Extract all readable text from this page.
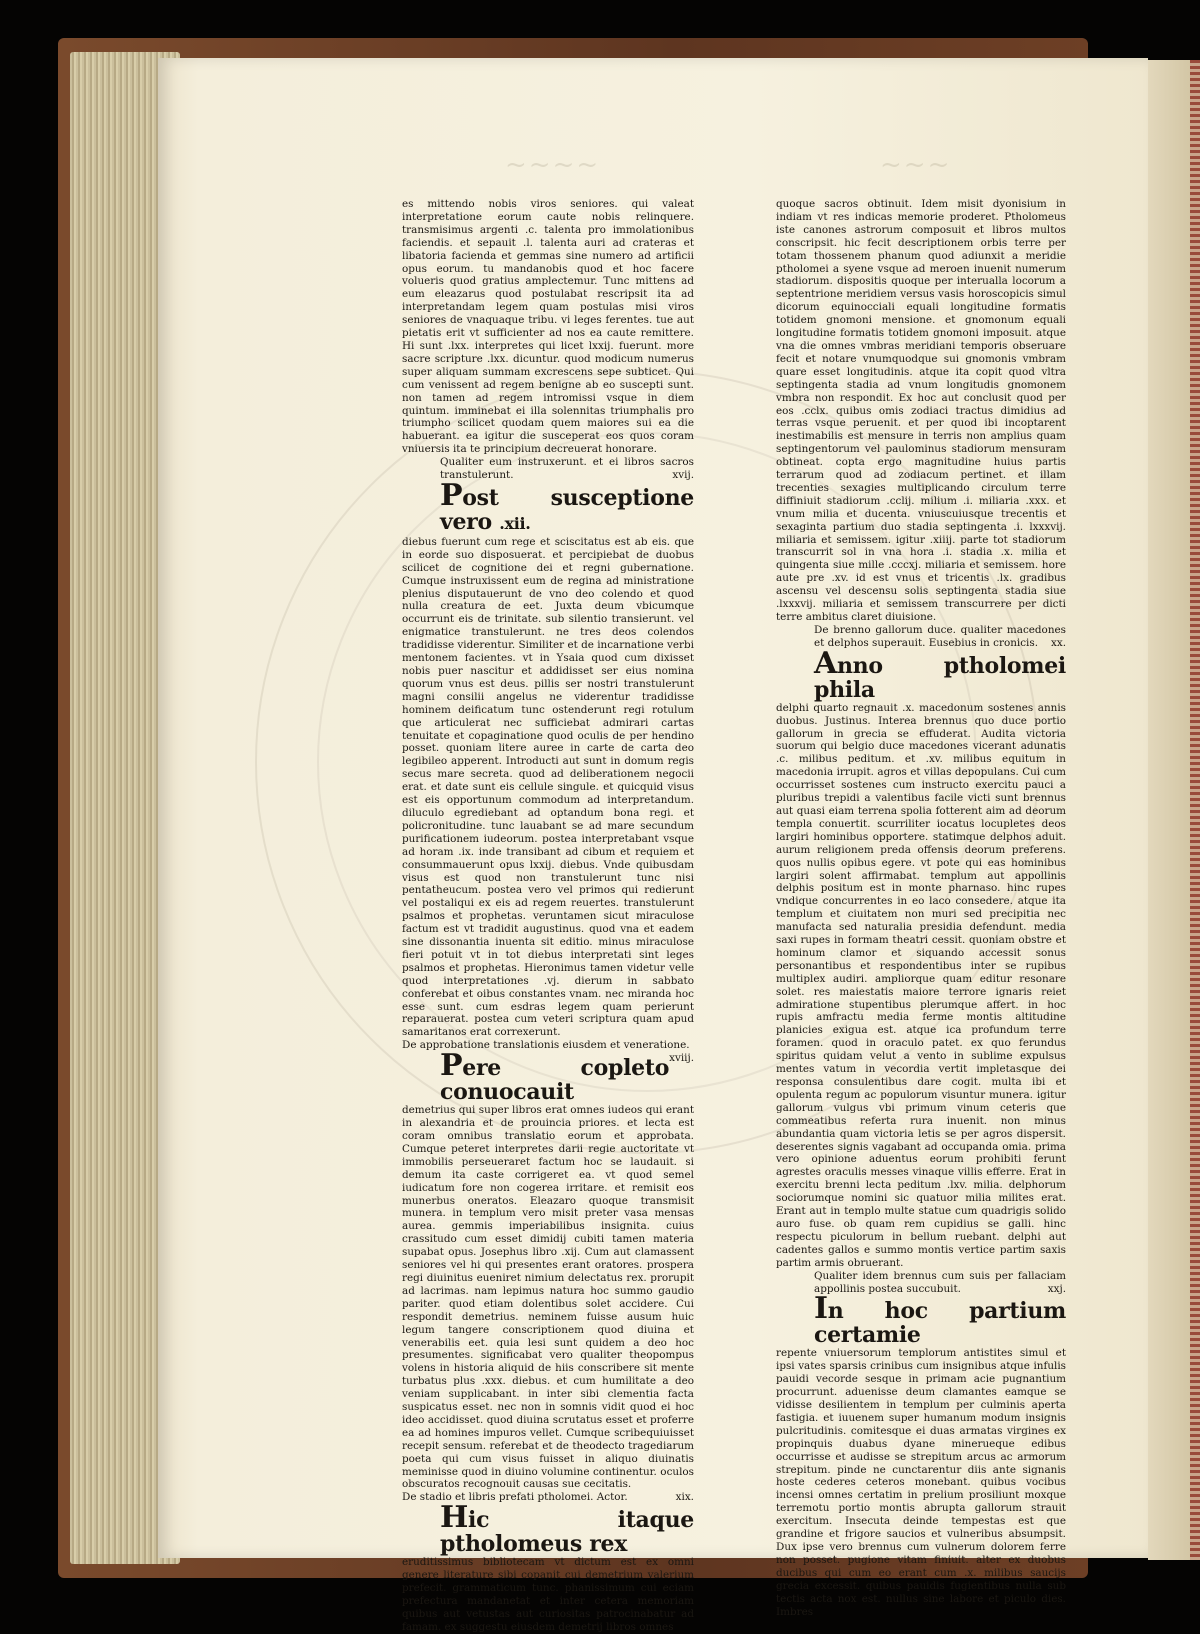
~~~~	~~~

es mittendo nobis viros seniores. qui valeat interpretatione eorum caute nobis relinquere. transmisimus argenti .c. talenta pro immolationibus faciendis. et sepauit .l. talenta auri ad crateras et libatoria facienda et gemmas sine numero ad artificii opus eorum. tu mandanobis quod et hoc facere volueris quod gratius amplectemur. Tunc mittens ad eum eleazarus quod postulabat rescripsit ita ad interpretandam legem quam postulas misi viros seniores de vnaquaque tribu. vi leges ferentes. tue aut pietatis erit vt sufficienter ad nos ea caute remittere. Hi sunt .lxx. interpretes qui licet lxxij. fuerunt. more sacre scripture .lxx. dicuntur. quod modicum numerus super aliquam summam excrescens sepe subticet. Qui cum venissent ad regem benigne ab eo suscepti sunt. non tamen ad regem intromissi vsque in diem quintum. imminebat ei illa solennitas triumphalis pro triumpho scilicet quodam quem maiores sui ea die habuerant. ea igitur die susceperat eos quos coram vniuersis ita te principium decreuerat honorare.

Qualiter eum instruxerunt. et ei libros sacros transtulerunt.	xvij.
Post susceptione vero .xii.

diebus fuerunt cum rege et sciscitatus est ab eis. que in eorde suo disposuerat. et percipiebat de duobus scilicet de cognitione dei et regni gubernatione. Cumque instruxissent eum de regina ad ministratione plenius disputauerunt de vno deo colendo et quod nulla creatura de eet. Juxta deum vbicumque occurrunt eis de trinitate. sub silentio transierunt. vel enigmatice transtulerunt. ne tres deos colendos tradidisse viderentur. Similiter et de incarnatione verbi mentonem facientes. vt in Ysaia quod cum dixisset nobis puer nascitur et addidisset ser eius nomina quorum vnus est deus. pillis ser nostri transtulerunt magni consilii angelus ne viderentur tradidisse hominem deificatum tunc ostenderunt regi rotulum que articulerat nec sufficiebat admirari cartas tenuitate et copaginatione quod oculis de per hendino posset. quoniam litere auree in carte de carta deo legibileo apperent. Introducti aut sunt in domum regis secus mare secreta. quod ad deliberationem negocii erat. et date sunt eis cellule singule. et quicquid visus est eis opportunum commodum ad interpretandum. diluculo egrediebant ad optandum bona regi. et policronitudine. tunc lauabant se ad mare secundum purificationem iudeorum. postea interpretabant vsque ad horam .ix. inde transibant ad cibum et requiem et consummauerunt opus lxxij. diebus. Vnde quibusdam visus est quod non transtulerunt tunc nisi pentatheucum. postea vero vel primos qui redierunt vel postaliqui ex eis ad regem reuertes. transtulerunt psalmos et prophetas. veruntamen sicut miraculose factum est vt tradidit augustinus. quod vna et eadem sine dissonantia inuenta sit editio. minus miraculose fieri potuit vt in tot diebus interpretati sint leges psalmos et prophetas. Hieronimus tamen videtur velle quod interpretationes .vj. dierum in sabbato conferebat et oibus constantes vnam. nec miranda hoc esse sunt. cum esdras legem quam perierunt reparauerat. postea cum veteri scriptura quam apud samaritanos erat correxerunt.

De approbatione translationis eiusdem et veneratione.
xviij.
Pere copleto conuocauit

demetrius qui super libros erat omnes iudeos qui erant in alexandria et de prouincia priores. et lecta est coram omnibus translatio eorum et approbata. Cumque peteret interpretes darii regie auctoritate vt immobilis perseueraret factum hoc se laudauit. si demum ita caste corrigeret ea. vt quod semel iudicatum fore non cogerea irritare. et remisit eos munerbus oneratos. Eleazaro quoque transmisit munera. in templum vero misit preter vasa mensas aurea. gemmis imperiabilibus insignita. cuius crassitudo cum esset dimidij cubiti tamen materia supabat opus. Josephus libro .xij. Cum aut clamassent seniores vel hi qui presentes erant oratores. prospera regi diuinitus eueniret nimium delectatus rex. prorupit ad lacrimas. nam lepimus natura hoc summo gaudio pariter. quod etiam dolentibus solet accidere. Cui respondit demetrius. neminem fuisse ausum huic legum tangere conscriptionem quod diuina et venerabilis eet. quia lesi sunt quidem a deo hoc presumentes. significabat vero qualiter theopompus volens in historia aliquid de hiis conscribere sit mente turbatus plus .xxx. diebus. et cum humilitate a deo veniam supplicabant. in inter sibi clementia facta suspicatus esset. nec non in somnis vidit quod ei hoc ideo accidisset. quod diuina scrutatus esset et proferre ea ad homines impuros vellet. Cumque scribequiuisset recepit sensum. referebat et de theodecto tragediarum poeta qui cum visus fuisset in aliquo diuinatis meminisse quod in diuino volumine continentur. oculos obscuratos recognouit causas sue cecitatis.

De stadio et libris prefati ptholomei. Actor.	xix.
Hic itaque ptholomeus rex

eruditissimus bibliotecam vt dictum est ex omni genere literature sibi copanit cui demetrium valerium prefecit. grammaticum tunc. phanissimum cui eciam prefectura mandanetat et inter cetera memoriam quibus aut vetustas aut curiositas patrocinabatur ad famam. ex suggestu eiusdem demetrij libros omnes

quoque sacros obtinuit. Idem misit dyonisium in indiam vt res indicas memorie proderet. Ptholomeus iste canones astrorum composuit et libros multos conscripsit. hic fecit descriptionem orbis terre per totam thossenem phanum quod adiunxit a meridie ptholomei a syene vsque ad meroen inuenit numerum stadiorum. dispositis quoque per interualla locorum a septentrione meridiem versus vasis horoscopicis simul dicorum equinocciali equali longitudine formatis totidem gnomoni mensione. et gnomonum equali longitudine formatis totidem gnomoni imposuit. atque vna die omnes vmbras meridiani temporis obseruare fecit et notare vnumquodque sui gnomonis vmbram quare esset longitudinis. atque ita copit quod vltra septingenta stadia ad vnum longitudis gnomonem vmbra non respondit. Ex hoc aut conclusit quod per eos .cclx. quibus omis zodiaci tractus dimidius ad terras vsque peruenit. et per quod ibi incoptarent inestimabilis est mensure in terris non amplius quam septingentorum vel paulominus stadiorum mensuram obtineat. copta ergo magnitudine huius partis terrarum quod ad zodiacum pertinet. et illam trecenties sexagies multiplicando circulum terre diffiniuit stadiorum .cclij. milium .i. miliaria .xxx. et vnum milia et ducenta. vniuscuiusque trecentis et sexaginta partium duo stadia septingenta .i. lxxxvij. miliaria et semissem. igitur .xiiij. parte tot stadiorum transcurrit sol in vna hora .i. stadia .x. milia et quingenta siue mille .cccxj. miliaria et semissem. hore aute pre .xv. id est vnus et tricentis .lx. gradibus ascensu vel descensu solis septingenta stadia siue .lxxxvij. miliaria et semissem transcurrere per dicti terre ambitus claret diuisione.

De brenno gallorum duce. qualiter macedones et delphos superauit. Eusebius in cronicis. xx.
Anno ptholomei phila

delphi quarto regnauit .x. macedonum sostenes annis duobus. Justinus. Interea brennus quo duce portio gallorum in grecia se effuderat. Audita victoria suorum qui belgio duce macedones vicerant adunatis .c. milibus peditum. et .xv. milibus equitum in macedonia irrupit. agros et villas depopulans. Cui cum occurrisset sostenes cum instructo exercitu pauci a pluribus trepidi a valentibus facile victi sunt brennus aut quasi eiam terrena spolia fotterent aim ad deorum templa conuertit. scurriliter iocatus locupletes deos largiri hominibus opportere. statimque delphos aduit. aurum religionem preda offensis deorum preferens. quos nullis opibus egere. vt pote qui eas hominibus largiri solent affirmabat. templum aut appollinis delphis positum est in monte pharnaso. hinc rupes vndique concurrentes in eo laco consedere. atque ita templum et ciuitatem non muri sed precipitia nec manufacta sed naturalia presidia defendunt. media saxi rupes in formam theatri cessit. quoniam obstre et hominum clamor et siquando accessit sonus personantibus et respondentibus inter se rupibus multiplex audiri. ampliorque quam editur resonare solet. res maiestatis maiore terrore ignaris reiet admiratione stupentibus plerumque affert. in hoc rupis amfractu media ferme montis altitudine planicies exigua est. atque ica profundum terre foramen. quod in oraculo patet. ex quo ferundus spiritus quidam velut a vento in sublime expulsus mentes vatum in vecordia vertit impletasque dei responsa consulentibus dare cogit. multa ibi et opulenta regum ac populorum visuntur munera. igitur gallorum vulgus vbi primum vinum ceteris que commeatibus referta rura inuenit. non minus abundantia quam victoria letis se per agros dispersit. deserentes signis vagabant ad occupanda omia. prima vero opinione aduentus eorum prohibiti ferunt agrestes oraculis messes vinaque villis efferre. Erat in exercitu brenni lecta peditum .lxv. milia. delphorum sociorumque nomini sic quatuor milia milites erat. Erant aut in templo multe statue cum quadrigis solido auro fuse. ob quam rem cupidius se galli. hinc respectu piculorum in bellum ruebant. delphi aut cadentes gallos e summo montis vertice partim saxis partim armis obruerant.

Qualiter idem brennus cum suis per fallaciam appollinis postea succubuit.	xxj.
In hoc partium certamie

repente vniuersorum templorum antistites simul et ipsi vates sparsis crinibus cum insignibus atque infulis pauidi vecorde sesque in primam acie pugnantium procurrunt. aduenisse deum clamantes eamque se vidisse desilientem in templum per culminis aperta fastigia. et iuuenem super humanum modum insignis pulcritudinis. comitesque ei duas armatas virgines ex propinquis duabus dyane minerueque edibus occurrisse et audisse se strepitum arcus ac armorum strepitum. pinde ne cunctarentur diis ante signanis hoste cederes ceteros monebant. quibus vocibus incensi omnes certatim in prelium prosiliunt moxque terremotu portio montis abrupta gallorum strauit exercitum. Insecuta deinde tempestas est que grandine et frigore saucios et vulneribus absumpsit. Dux ipse vero brennus cum vulnerum dolorem ferre non posset. pugione vitam finiuit. alter ex duobus ducibus qui cum eo erant cum .x. milibus saucijs grecia excessit. quibus pauidis fugientibus nulla sub tectis acta nox est. nullus sine labore et piculo dies. Imbres
